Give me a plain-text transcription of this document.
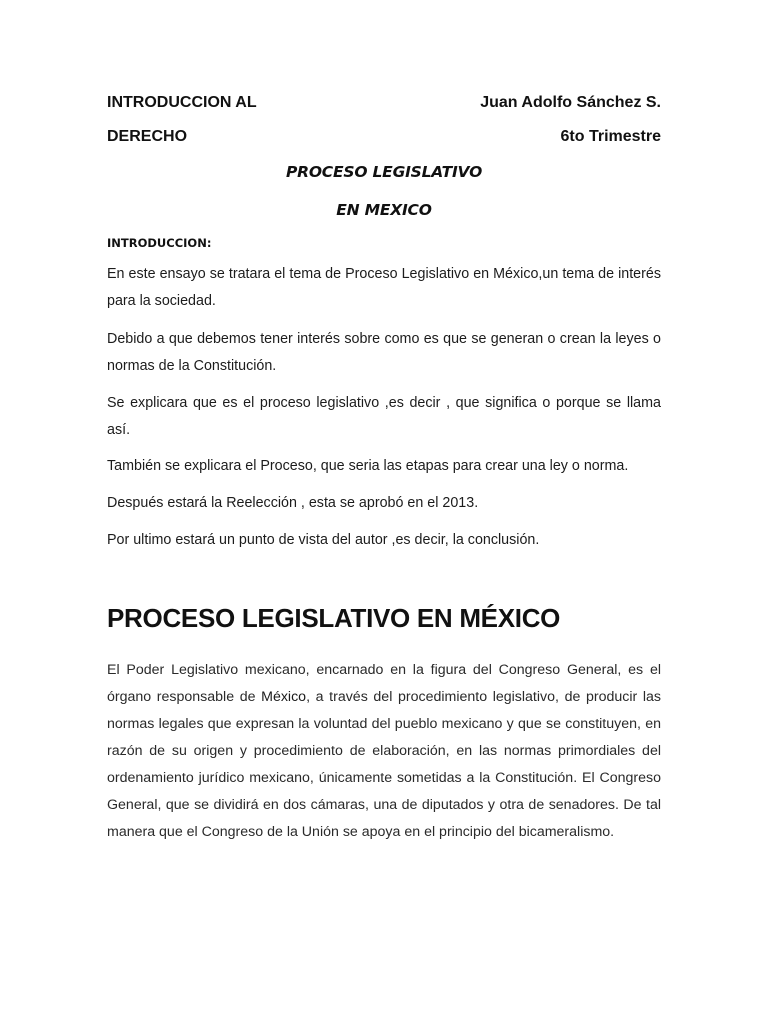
INTRODUCCION AL	Juan Adolfo Sánchez S.
DERECHO	6to Trimestre
PROCESO LEGISLATIVO
EN MEXICO
INTRODUCCION:
En este ensayo se tratara el tema de Proceso Legislativo en México,un tema de interés para la sociedad.
Debido a que debemos tener interés sobre como es que se generan o crean la leyes o normas de la Constitución.
Se explicara que es el proceso legislativo ,es decir , que significa o porque se llama así.
También se explicara el Proceso, que seria las etapas para crear una ley o norma.
Después estará la Reelección , esta se aprobó en el 2013.
Por ultimo estará un punto de vista del autor ,es decir, la conclusión.
PROCESO LEGISLATIVO EN MÉXICO
El Poder Legislativo mexicano, encarnado en la figura del Congreso General, es el órgano responsable de México, a través del procedimiento legislativo, de producir las normas legales que expresan la voluntad del pueblo mexicano y que se constituyen, en razón de su origen y procedimiento de elaboración, en las normas primordiales del ordenamiento jurídico mexicano, únicamente sometidas a la Constitución. El Congreso General, que se dividirá en dos cámaras, una de diputados y otra de senadores. De tal manera que el Congreso de la Unión se apoya en el principio del bicameralismo.
